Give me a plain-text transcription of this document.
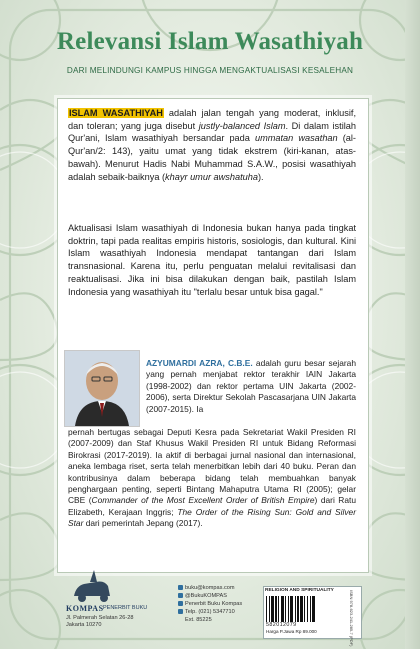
Relevansi Islam Wasathiyah
DARI MELINDUNGI KAMPUS HINGGA MENGAKTUALISASI KESALEHAN
ISLAM WASATHIYAH adalah jalan tengah yang moderat, inklusif, dan toleran; yang juga disebut justly-balanced Islam. Di dalam istilah Qur'ani, Islam wasathiyah bersandar pada ummatan wasathan (al-Qur'an/2: 143), yaitu umat yang tidak ekstrem (kiri-kanan, atas-bawah). Menurut Hadis Nabi Muhammad S.A.W., posisi wasathiyah adalah sebaik-baiknya (khayr umur awshatuha).
Aktualisasi Islam wasathiyah di Indonesia bukan hanya pada tingkat doktrin, tapi pada realitas empiris historis, sosiologis, dan kultural. Kini Islam wasathiyah Indonesia mendapat tantangan dari Islam transnasional. Karena itu, perlu penguatan melalui revitalisasi dan reaktualisasi. Jika ini bisa dilakukan dengan baik, pastilah Islam Indonesia yang wasathiyah itu "terlalu besar untuk bisa gagal."
AZYUMARDI AZRA, C.B.E. adalah guru besar sejarah yang pernah menjabat rektor terakhir IAIN Jakarta (1998-2002) dan rektor pertama UIN Jakarta (2002-2006), serta Direktur Sekolah Pascasarjana UIN Jakarta (2007-2015). Ia
pernah bertugas sebagai Deputi Kesra pada Sekretariat Wakil Presiden RI (2007-2009) dan Staf Khusus Wakil Presiden RI untuk Bidang Reformasi Birokrasi (2017-2019). Ia aktif di berbagai jurnal nasional dan internasional, aneka lembaga riset, serta telah menerbitkan lebih dari 40 buku. Peran dan kontribusinya dalam beberapa bidang telah membuahkan banyak penghargaan penting, seperti Bintang Mahaputra Utama RI (2005); gelar CBE (Commander of the Most Excellent Order of British Empire) dari Ratu Elizabeth, Kerajaan Inggris; The Order of the Rising Sun: Gold and Silver Star dari pemerintah Jepang (2017).
KOMPAS PENERBIT BUKU
Jl. Palmerah Selatan 26-28
Jakarta 10270
buku@kompas.com
@BukuKOMPAS
Penerbit Buku Kompas
Telp. (021) 5347710
Ext. 85225
RELIGION AND SPIRITUALITY
582012079
Harga P.Jawa Rp 89.000	ISBN 978-623-241-285-7 (PDF)
